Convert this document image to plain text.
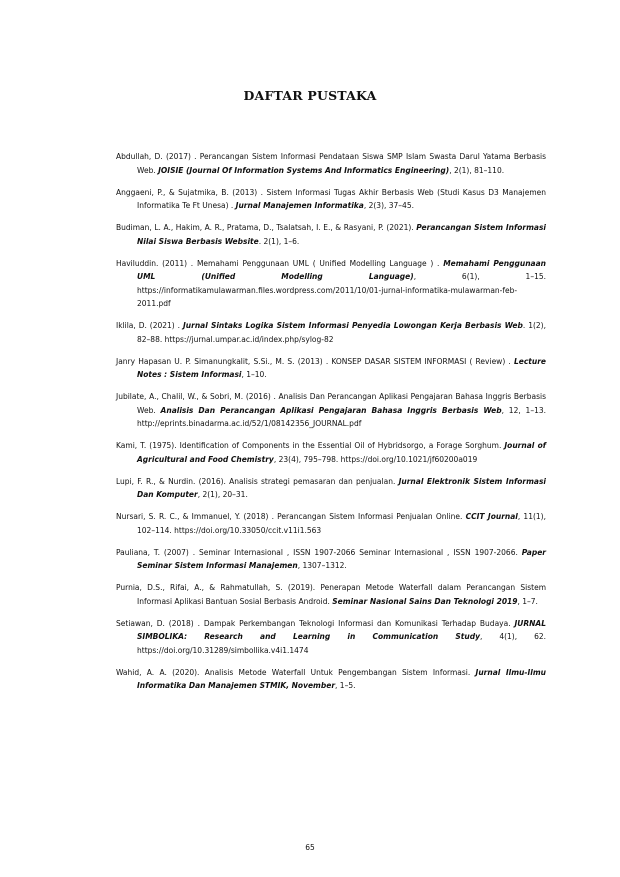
DAFTAR PUSTAKA
Abdullah, D. (2017) . Perancangan Sistem Informasi Pendataan Siswa SMP Islam Swasta Darul Yatama Berbasis Web. JOISIE (Journal Of Information Systems And Informatics Engineering), 2(1), 81–110.
Anggaeni, P., & Sujatmika, B. (2013) . Sistem Informasi Tugas Akhir Berbasis Web (Studi Kasus D3 Manajemen Informatika Te Ft Unesa) . Jurnal Manajemen Informatika, 2(3), 37–45.
Budiman, L. A., Hakim, A. R., Pratama, D., Tsalatsah, I. E., & Rasyani, P. (2021). Perancangan Sistem Informasi Nilai Siswa Berbasis Website. 2(1), 1–6.
Haviluddin. (2011) . Memahami Penggunaan UML ( Unified Modelling Language ) . Memahami Penggunaan UML (Unified Modelling Language), 6(1), 1–15. https://informatikamulawarman.files.wordpress.com/2011/10/01-jurnal-informatika-mulawarman-feb-2011.pdf
Iklila, D. (2021) . Jurnal Sintaks Logika Sistem Informasi Penyedia Lowongan Kerja Berbasis Web. 1(2), 82–88. https://jurnal.umpar.ac.id/index.php/sylog-82
Janry Hapasan U. P. Simanungkalit, S.Si., M. S. (2013) . KONSEP DASAR SISTEM INFORMASI ( Review) . Lecture Notes : Sistem Informasi, 1–10.
Jubilate, A., Chalil, W., & Sobri, M. (2016) . Analisis Dan Perancangan Aplikasi Pengajaran Bahasa Inggris Berbasis Web. Analisis Dan Perancangan Aplikasi Pengajaran Bahasa Inggris Berbasis Web, 12, 1–13. http://eprints.binadarma.ac.id/52/1/08142356_JOURNAL.pdf
Kami, T. (1975). Identification of Components in the Essential Oil of Hybridsorgo, a Forage Sorghum. Journal of Agricultural and Food Chemistry, 23(4), 795–798. https://doi.org/10.1021/jf60200a019
Lupi, F. R., & Nurdin. (2016). Analisis strategi pemasaran dan penjualan. Jurnal Elektronik Sistem Informasi Dan Komputer, 2(1), 20–31.
Nursari, S. R. C., & Immanuel, Y. (2018) . Perancangan Sistem Informasi Penjualan Online. CCIT Journal, 11(1), 102–114. https://doi.org/10.33050/ccit.v11i1.563
Pauliana, T. (2007) . Seminar Internasional , ISSN 1907-2066 Seminar Internasional , ISSN 1907-2066. Paper Seminar Sistem Informasi Manajemen, 1307–1312.
Purnia, D.S., Rifai, A., & Rahmatullah, S. (2019). Penerapan Metode Waterfall dalam Perancangan Sistem Informasi Aplikasi Bantuan Sosial Berbasis Android. Seminar Nasional Sains Dan Teknologi 2019, 1–7.
Setiawan, D. (2018) . Dampak Perkembangan Teknologi Informasi dan Komunikasi Terhadap Budaya. JURNAL SIMBOLIKA: Research and Learning in Communication Study, 4(1), 62. https://doi.org/10.31289/simbollika.v4i1.1474
Wahid, A. A. (2020). Analisis Metode Waterfall Untuk Pengembangan Sistem Informasi. Jurnal Ilmu-Ilmu Informatika Dan Manajemen STMIK, November, 1–5.
65
